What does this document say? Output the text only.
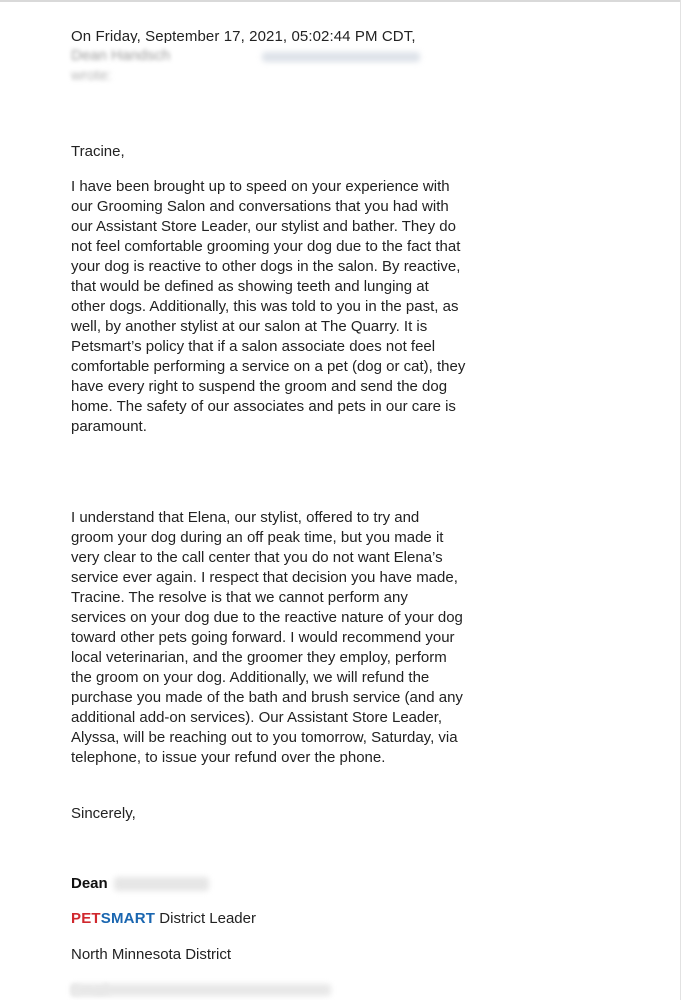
On Friday, September 17, 2021, 05:02:44 PM CDT,
Dean Handsch
wrote:

Tracine,

I have been brought up to speed on your experience with our Grooming Salon and conversations that you had with our Assistant Store Leader, our stylist and bather. They do not feel comfortable grooming your dog due to the fact that your dog is reactive to other dogs in the salon. By reactive, that would be defined as showing teeth and lunging at other dogs. Additionally, this was told to you in the past, as well, by another stylist at our salon at The Quarry. It is Petsmart’s policy that if a salon associate does not feel comfortable performing a service on a pet (dog or cat), they have every right to suspend the groom and send the dog home. The safety of our associates and pets in our care is paramount.

I understand that Elena, our stylist, offered to try and groom your dog during an off peak time, but you made it very clear to the call center that you do not want Elena’s service ever again. I respect that decision you have made, Tracine. The resolve is that we cannot perform any services on your dog due to the reactive nature of your dog toward other pets going forward. I would recommend your local veterinarian, and the groomer they employ, perform the groom on your dog. Additionally, we will refund the purchase you made of the bath and brush service (and any additional add-on services). Our Assistant Store Leader, Alyssa, will be reaching out to you tomorrow, Saturday, via telephone, to issue your refund over the phone.

Sincerely,

Dean
PETSMART District Leader
North Minnesota District
